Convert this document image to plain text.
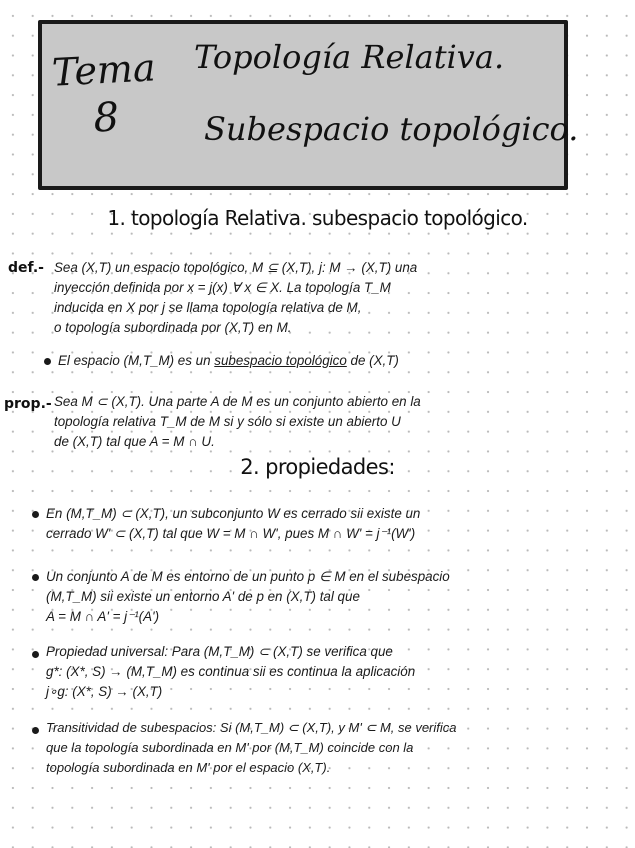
Tema
8
Topología Relativa.
Subespacio topológico.
1. topología Relativa. subespacio topológico.
def.- Sea (X,T) un espacio topológico, M ⊆ (X,T), j: M → (X,T) una
inyección definida por x = j(x) ∀ x ∈ X. La topología T_M
inducida en X por j se llama topología relativa de M,
o topología subordinada por (X,T) en M.
El espacio (M,T_M) es un subespacio topológico de (X,T)
prop.- Sea M ⊂ (X,T). Una parte A de M es un conjunto abierto en la
topología relativa T_M de M si y sólo si existe un abierto U
de (X,T) tal que A = M ∩ U.
2. propiedades:
En (M,T_M) ⊂ (X,T), un subconjunto W es cerrado sii existe un
cerrado W' ⊂ (X,T) tal que W = M ∩ W', pues M ∩ W' = j⁻¹(W')
Un conjunto A de M es entorno de un punto p ∈ M en el subespacio
(M,T_M) sii existe un entorno A' de p en (X,T) tal que
A = M ∩ A' = j⁻¹(A')
Propiedad universal: Para (M,T_M) ⊂ (X,T) se verifica que
g*: (X*, S) → (M,T_M) es continua sii es continua la aplicación
j∘g: (X*, S) → (X,T)
Transitividad de subespacios: Si (M,T_M) ⊂ (X,T), y M' ⊂ M, se verifica
que la topología subordinada en M' por (M,T_M) coincide con la
topología subordinada en M' por el espacio (X,T).
